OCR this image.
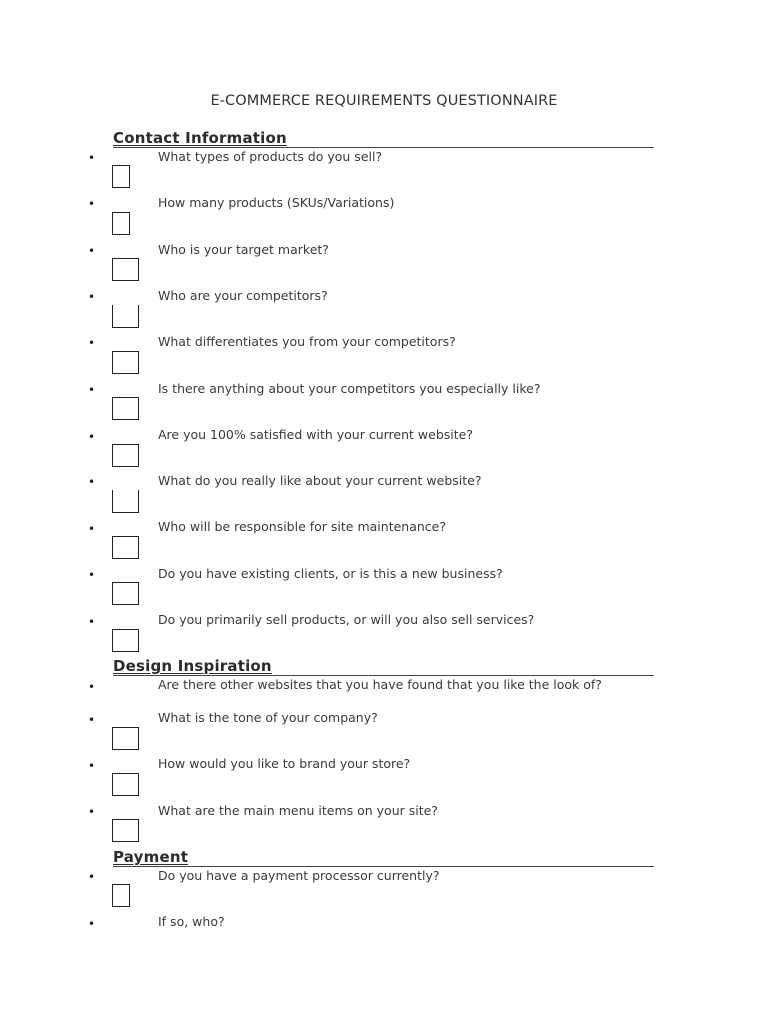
E-COMMERCE REQUIREMENTS QUESTIONNAIRE
Contact Information
•	What types of products do you sell?
•	How many products (SKUs/Variations)
•	Who is your target market?
•	Who are your competitors?
•	What differentiates you from your competitors?
•	Is there anything about your competitors you especially like?
•	Are you 100% satisfied with your current website?
•	What do you really like about your current website?
•	Who will be responsible for site maintenance?
•	Do you have existing clients, or is this a new business?
•	Do you primarily sell products, or will you also sell services?
Design Inspiration
•	Are there other websites that you have found that you like the look of?
•	What is the tone of your company?
•	How would you like to brand your store?
•	What are the main menu items on your site?
Payment
•	Do you have a payment processor currently?
•	If so, who?
